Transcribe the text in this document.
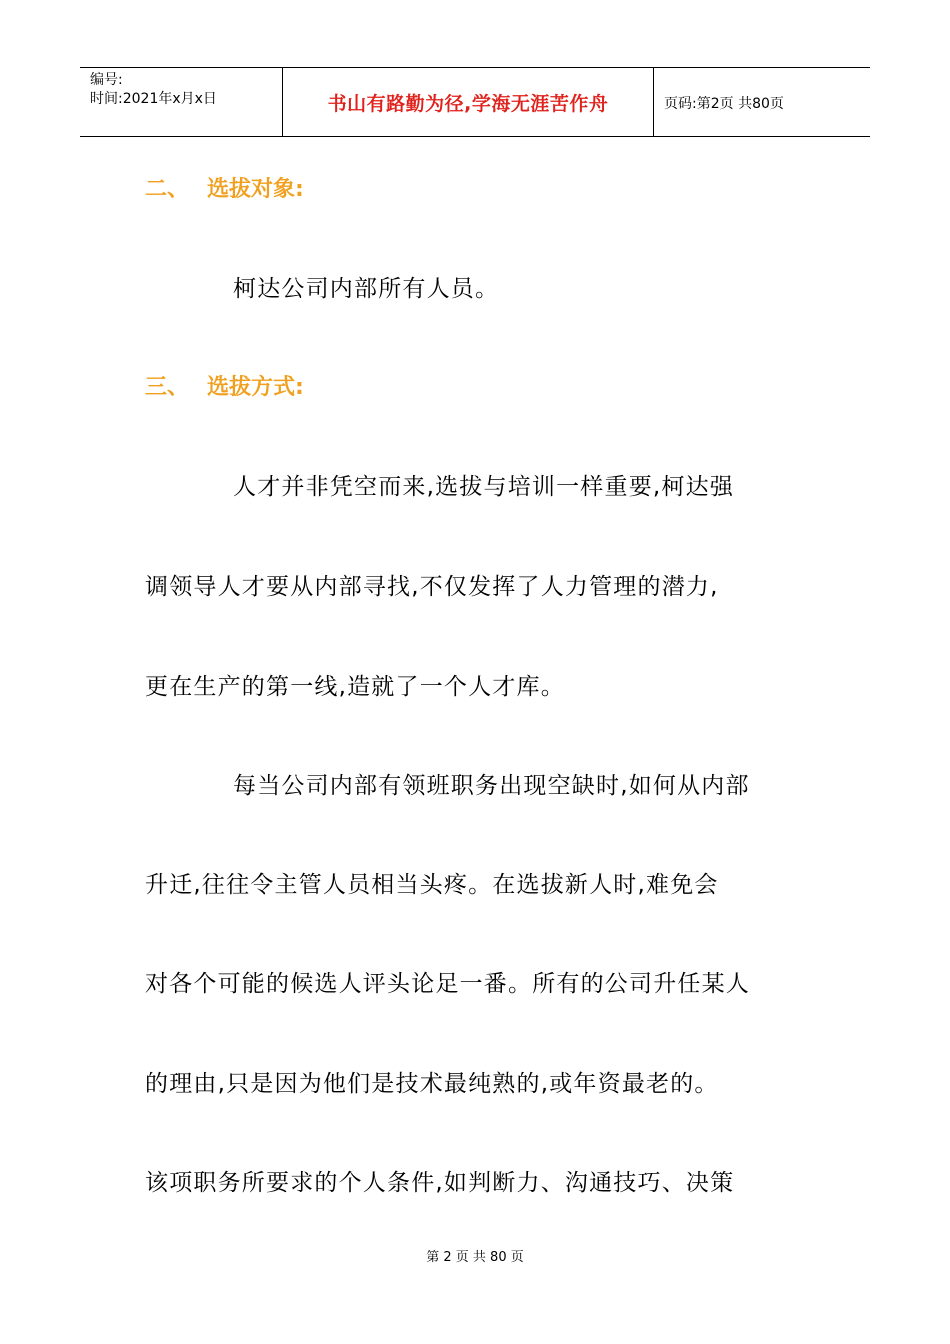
编号:
时间:2021年x月x日	书山有路勤为径,学海无涯苦作舟	页码:第2页 共80页
二、 选拔对象:
柯达公司内部所有人员。
三、 选拔方式:
人才并非凭空而来,选拔与培训一样重要,柯达强
调领导人才要从内部寻找,不仅发挥了人力管理的潜力,
更在生产的第一线,造就了一个人才库。
每当公司内部有领班职务出现空缺时,如何从内部
升迁,往往令主管人员相当头疼。在选拔新人时,难免会
对各个可能的候选人评头论足一番。所有的公司升任某人
的理由,只是因为他们是技术最纯熟的,或年资最老的。
该项职务所要求的个人条件,如判断力、沟通技巧、决策
第 2 页 共 80 页
